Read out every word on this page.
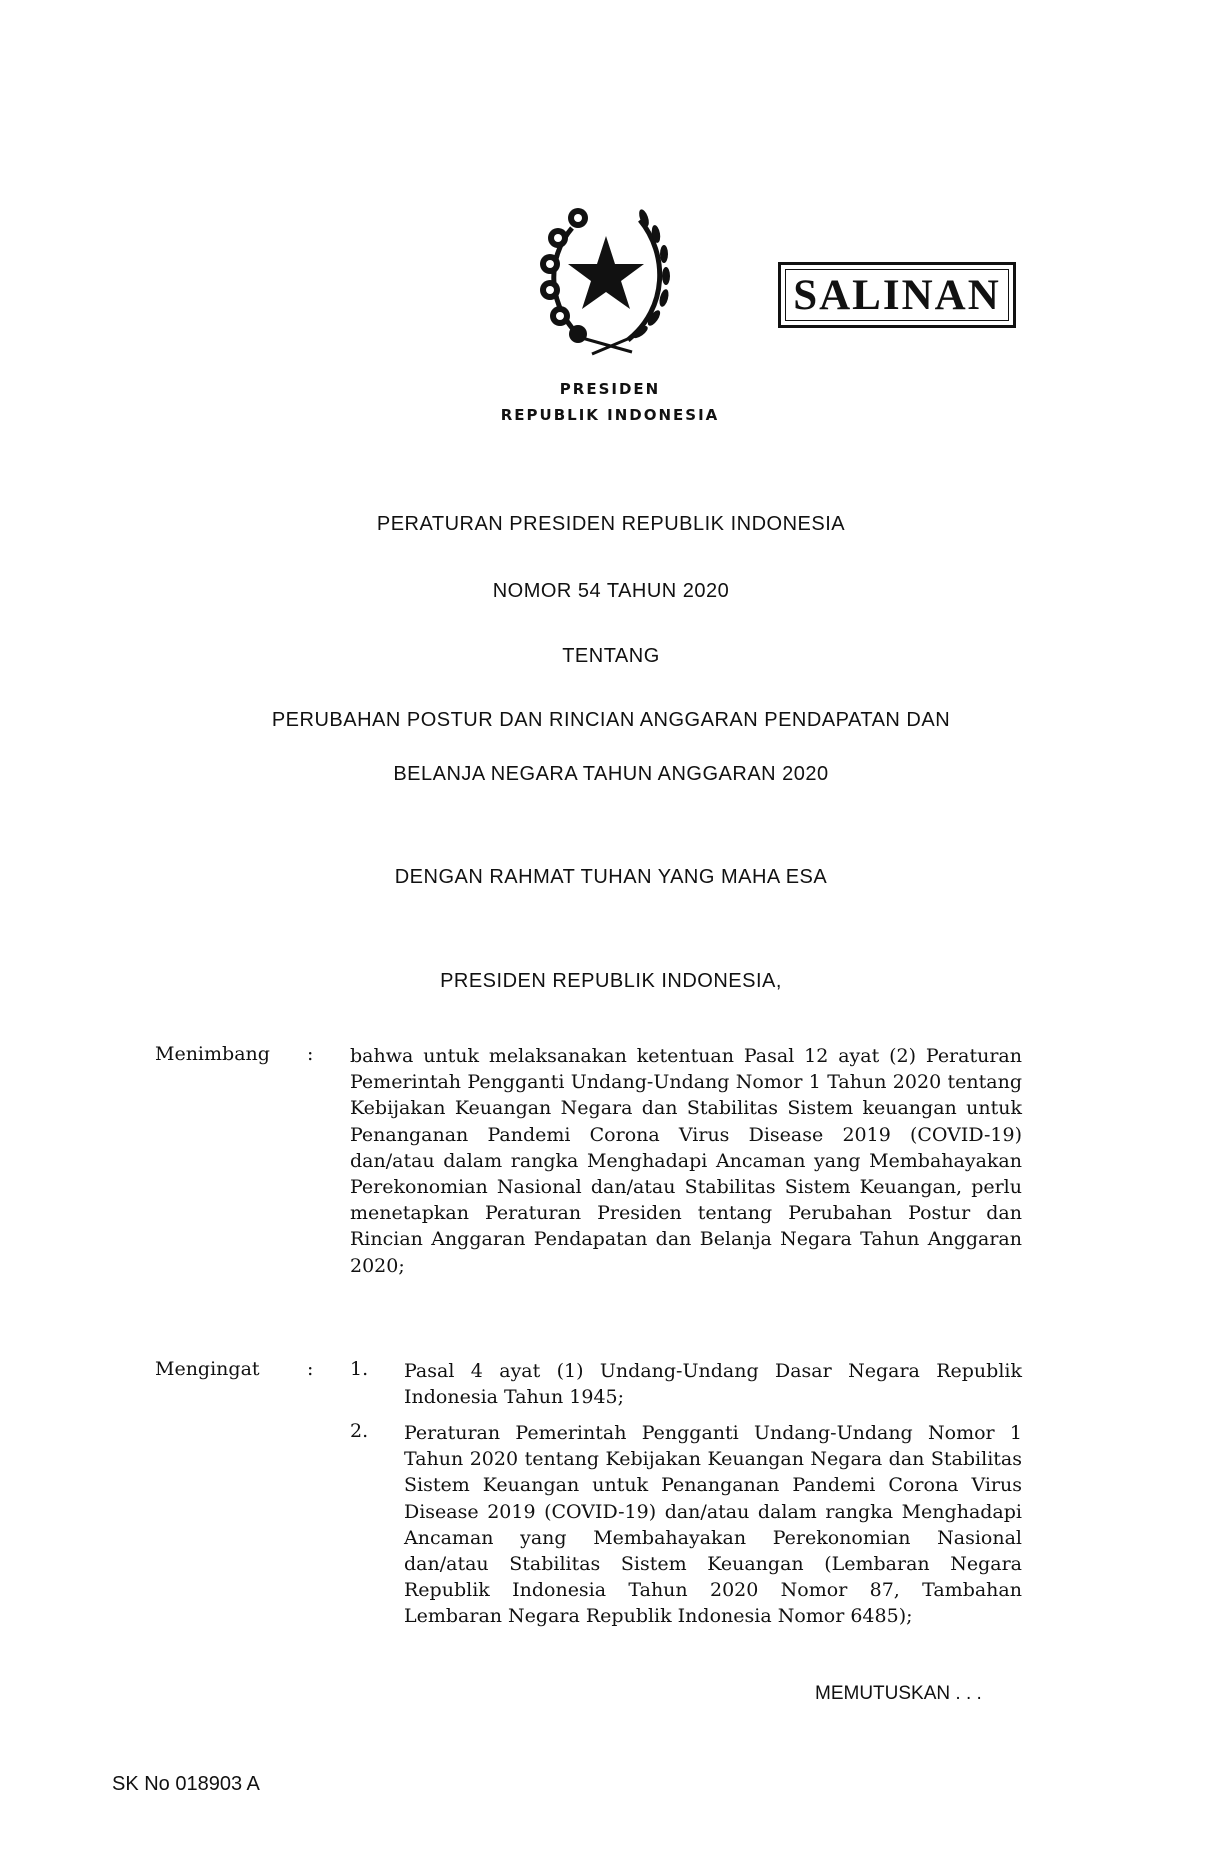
SALINAN
PRESIDEN
REPUBLIK INDONESIA
PERATURAN PRESIDEN REPUBLIK INDONESIA
NOMOR 54 TAHUN 2020
TENTANG
PERUBAHAN POSTUR DAN RINCIAN ANGGARAN PENDAPATAN DAN
BELANJA NEGARA TAHUN ANGGARAN 2020
DENGAN RAHMAT TUHAN YANG MAHA ESA
PRESIDEN REPUBLIK INDONESIA,
Menimbang : bahwa untuk melaksanakan ketentuan Pasal 12 ayat (2) Peraturan Pemerintah Pengganti Undang-Undang Nomor 1 Tahun 2020 tentang Kebijakan Keuangan Negara dan Stabilitas Sistem keuangan untuk Penanganan Pandemi Corona Virus Disease 2019 (COVID-19) dan/atau dalam rangka Menghadapi Ancaman yang Membahayakan Perekonomian Nasional dan/atau Stabilitas Sistem Keuangan, perlu menetapkan Peraturan Presiden tentang Perubahan Postur dan Rincian Anggaran Pendapatan dan Belanja Negara Tahun Anggaran 2020;
Mengingat : 1. Pasal 4 ayat (1) Undang-Undang Dasar Negara Republik Indonesia Tahun 1945;
2. Peraturan Pemerintah Pengganti Undang-Undang Nomor 1 Tahun 2020 tentang Kebijakan Keuangan Negara dan Stabilitas Sistem Keuangan untuk Penanganan Pandemi Corona Virus Disease 2019 (COVID-19) dan/atau dalam rangka Menghadapi Ancaman yang Membahayakan Perekonomian Nasional dan/atau Stabilitas Sistem Keuangan (Lembaran Negara Republik Indonesia Tahun 2020 Nomor 87, Tambahan Lembaran Negara Republik Indonesia Nomor 6485);
MEMUTUSKAN . . .
SK No 018903 A
